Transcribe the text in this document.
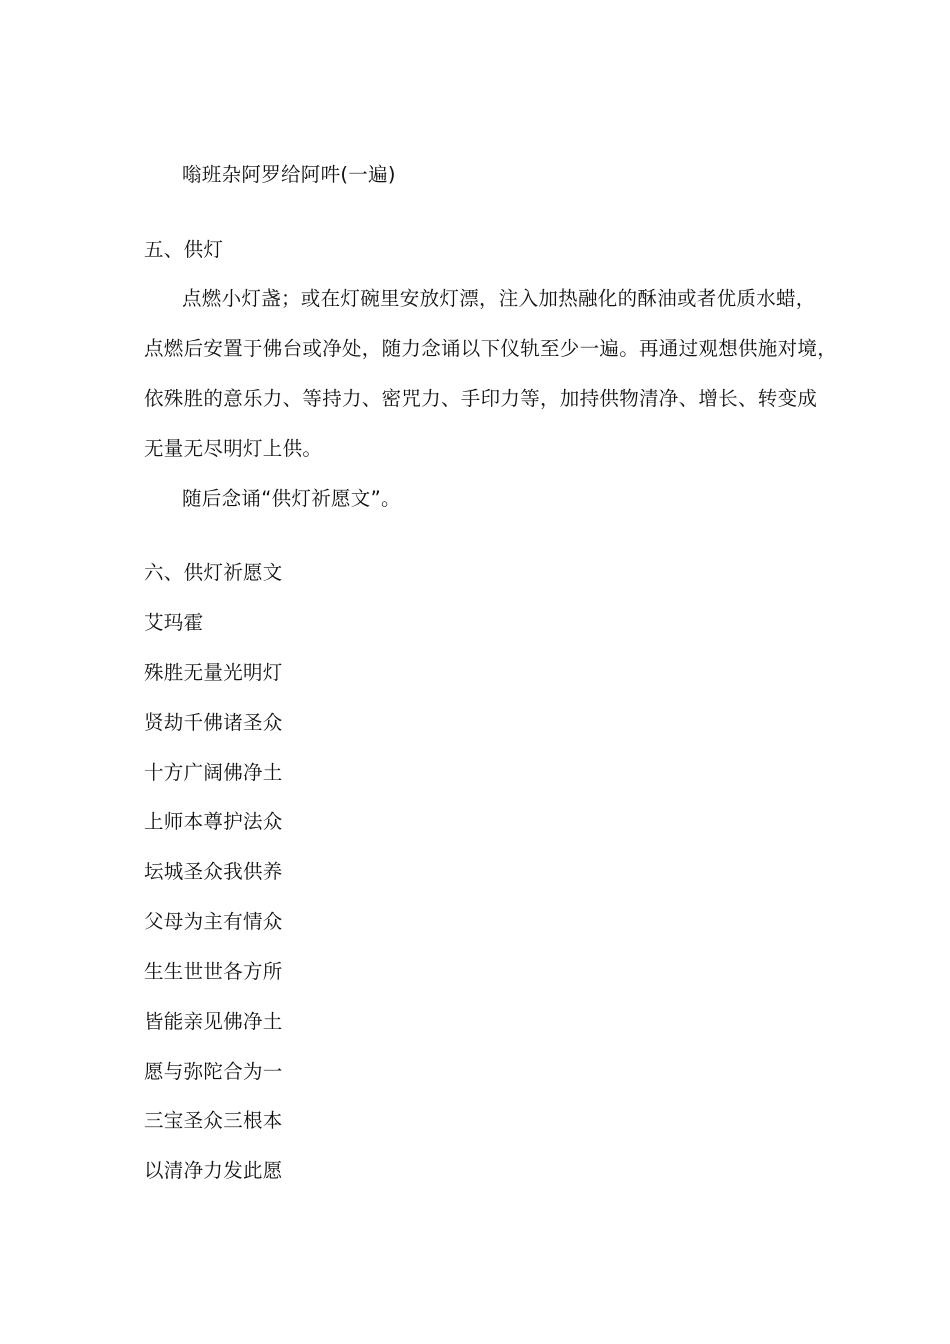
嗡班杂阿罗给阿吽(一遍)
五、供灯
点燃小灯盏；或在灯碗里安放灯漂，注入加热融化的酥油或者优质水蜡，
点燃后安置于佛台或净处，随力念诵以下仪轨至少一遍。再通过观想供施对境，
依殊胜的意乐力、等持力、密咒力、手印力等，加持供物清净、增长、转变成
无量无尽明灯上供。
随后念诵“供灯祈愿文”。
六、供灯祈愿文
艾玛霍
殊胜无量光明灯
贤劫千佛诸圣众
十方广阔佛净土
上师本尊护法众
坛城圣众我供养
父母为主有情众
生生世世各方所
皆能亲见佛净土
愿与弥陀合为一
三宝圣众三根本
以清净力发此愿
